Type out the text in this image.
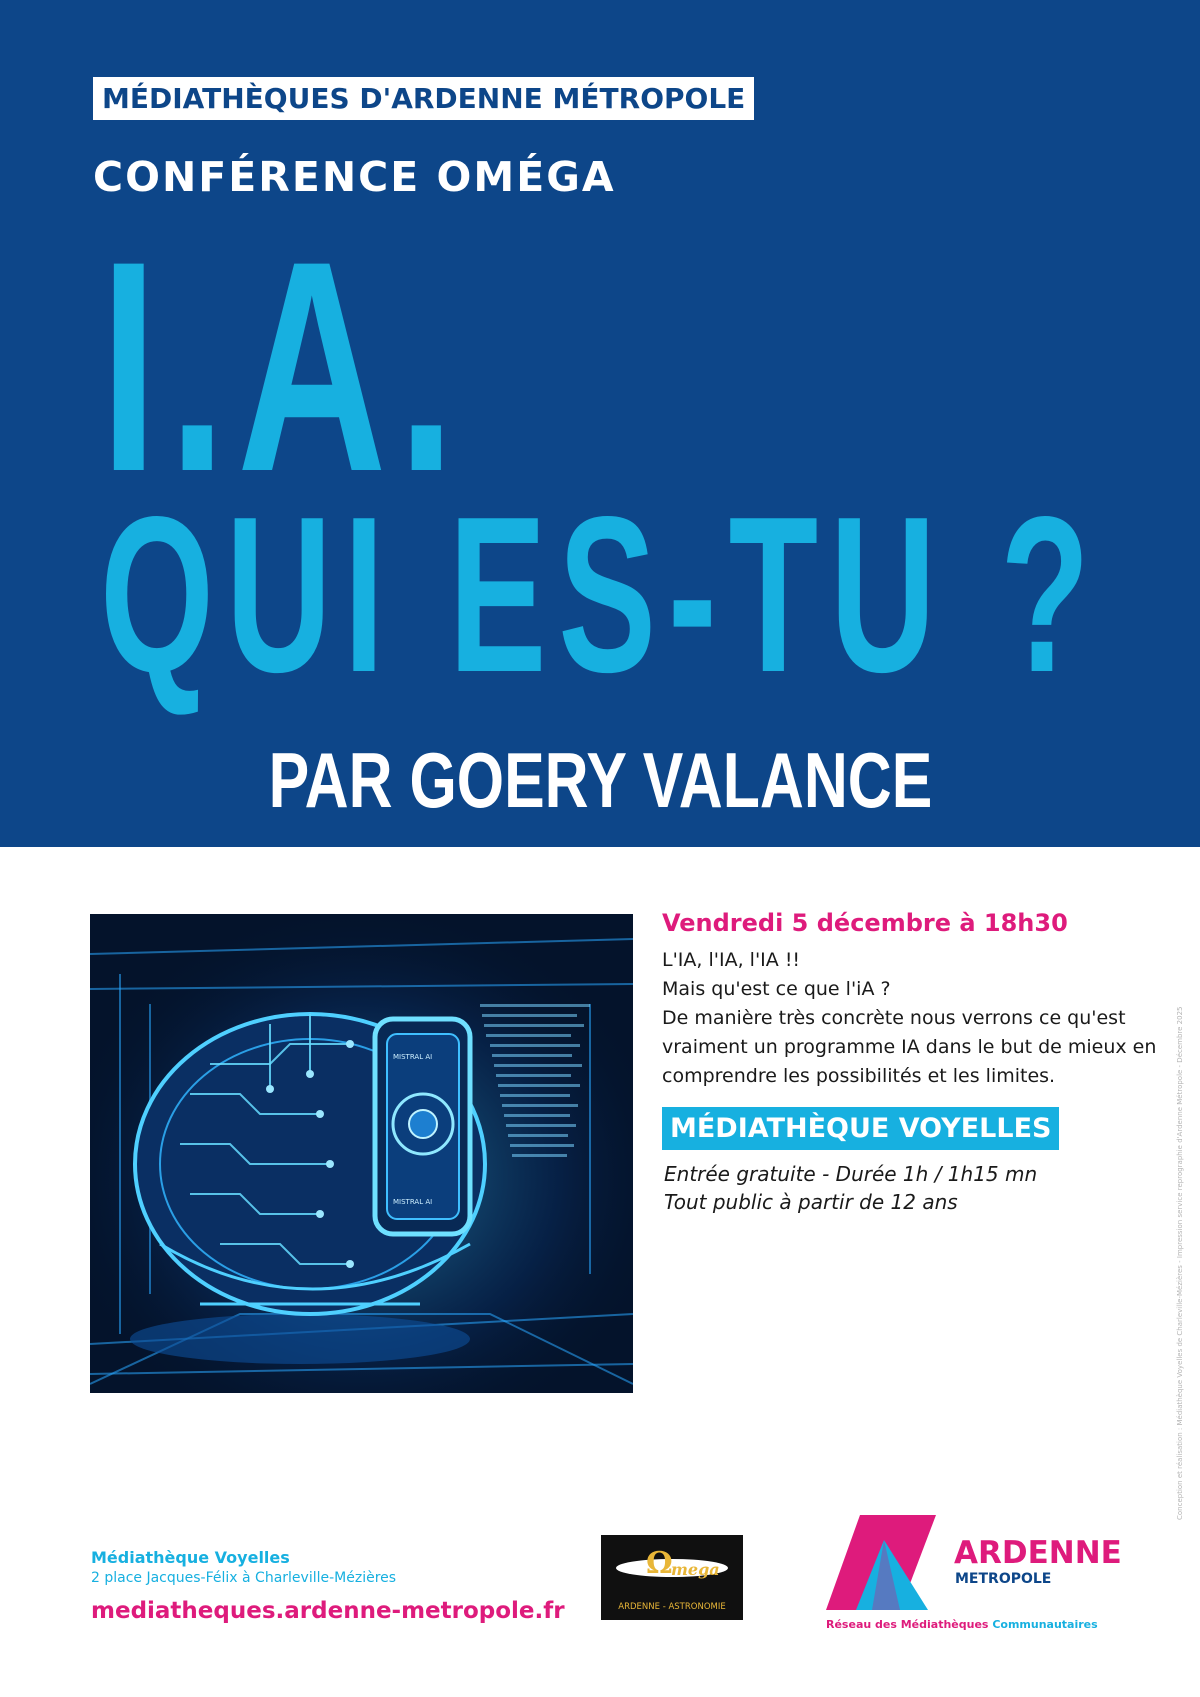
MÉDIATHÈQUES D'ARDENNE MÉTROPOLE
CONFÉRENCE OMÉGA
I.A.
QUI ES-TU ?
PAR GOERY VALANCE
MISTRAL AI
MISTRAL AI
Vendredi 5 décembre à 18h30

L'IA, l'IA, l'IA !!

Mais qu'est ce que l'iA ?

De manière très concrète nous verrons ce qu'est vraiment un programme IA dans le but de mieux en comprendre les possibilités et les limites.

MÉDIATHÈQUE VOYELLES

Entrée gratuite - Durée 1h / 1h15 mn

Tout public à partir de 12 ans	Conception et réalisation : Médiathèque Voyelles de Charleville-Mézières - Impression service reprographie d'Ardenne Métropole - Décembre 2025
Médiathèque Voyelles
2 place Jacques-Félix à Charleville-Mézières
mediatheques.ardenne-metropole.fr
Ω
mega
ARDENNE - ASTRONOMIE
ARDENNE
METROPOLE
Réseau des Médiathèques Communautaires
